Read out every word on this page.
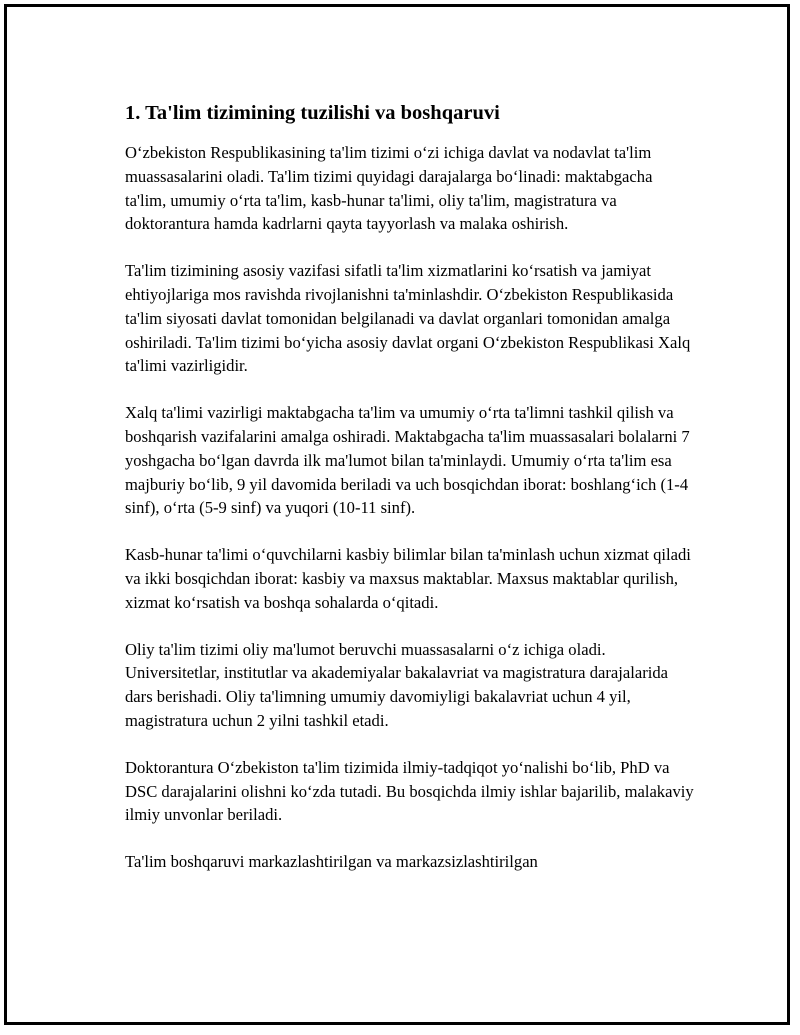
1. Ta'lim tizimining tuzilishi va boshqaruvi

O‘zbekiston Respublikasining ta'lim tizimi o‘zi ichiga davlat va nodavlat ta'lim muassasalarini oladi. Ta'lim tizimi quyidagi darajalarga bo‘linadi: maktabgacha ta'lim, umumiy o‘rta ta'lim, kasb-hunar ta'limi, oliy ta'lim, magistratura va doktorantura hamda kadrlarni qayta tayyorlash va malaka oshirish.

Ta'lim tizimining asosiy vazifasi sifatli ta'lim xizmatlarini ko‘rsatish va jamiyat ehtiyojlariga mos ravishda rivojlanishni ta'minlashdir. O‘zbekiston Respublikasida ta'lim siyosati davlat tomonidan belgilanadi va davlat organlari tomonidan amalga oshiriladi. Ta'lim tizimi bo‘yicha asosiy davlat organi O‘zbekiston Respublikasi Xalq ta'limi vazirligidir.

Xalq ta'limi vazirligi maktabgacha ta'lim va umumiy o‘rta ta'limni tashkil qilish va boshqarish vazifalarini amalga oshiradi. Maktabgacha ta'lim muassasalari bolalarni 7 yoshgacha bo‘lgan davrda ilk ma'lumot bilan ta'minlaydi. Umumiy o‘rta ta'lim esa majburiy bo‘lib, 9 yil davomida beriladi va uch bosqichdan iborat: boshlang‘ich (1-4 sinf), o‘rta (5-9 sinf) va yuqori (10-11 sinf).

Kasb-hunar ta'limi o‘quvchilarni kasbiy bilimlar bilan ta'minlash uchun xizmat qiladi va ikki bosqichdan iborat: kasbiy va maxsus maktablar. Maxsus maktablar qurilish, xizmat ko‘rsatish va boshqa sohalarda o‘qitadi.

Oliy ta'lim tizimi oliy ma'lumot beruvchi muassasalarni o‘z ichiga oladi. Universitetlar, institutlar va akademiyalar bakalavriat va magistratura darajalarida dars berishadi. Oliy ta'limning umumiy davomiyligi bakalavriat uchun 4 yil, magistratura uchun 2 yilni tashkil etadi.

Doktorantura O‘zbekiston ta'lim tizimida ilmiy-tadqiqot yo‘nalishi bo‘lib, PhD va DSC darajalarini olishni ko‘zda tutadi. Bu bosqichda ilmiy ishlar bajarilib, malakaviy ilmiy unvonlar beriladi.

Ta'lim boshqaruvi markazlashtirilgan va markazsizlashtirilgan
